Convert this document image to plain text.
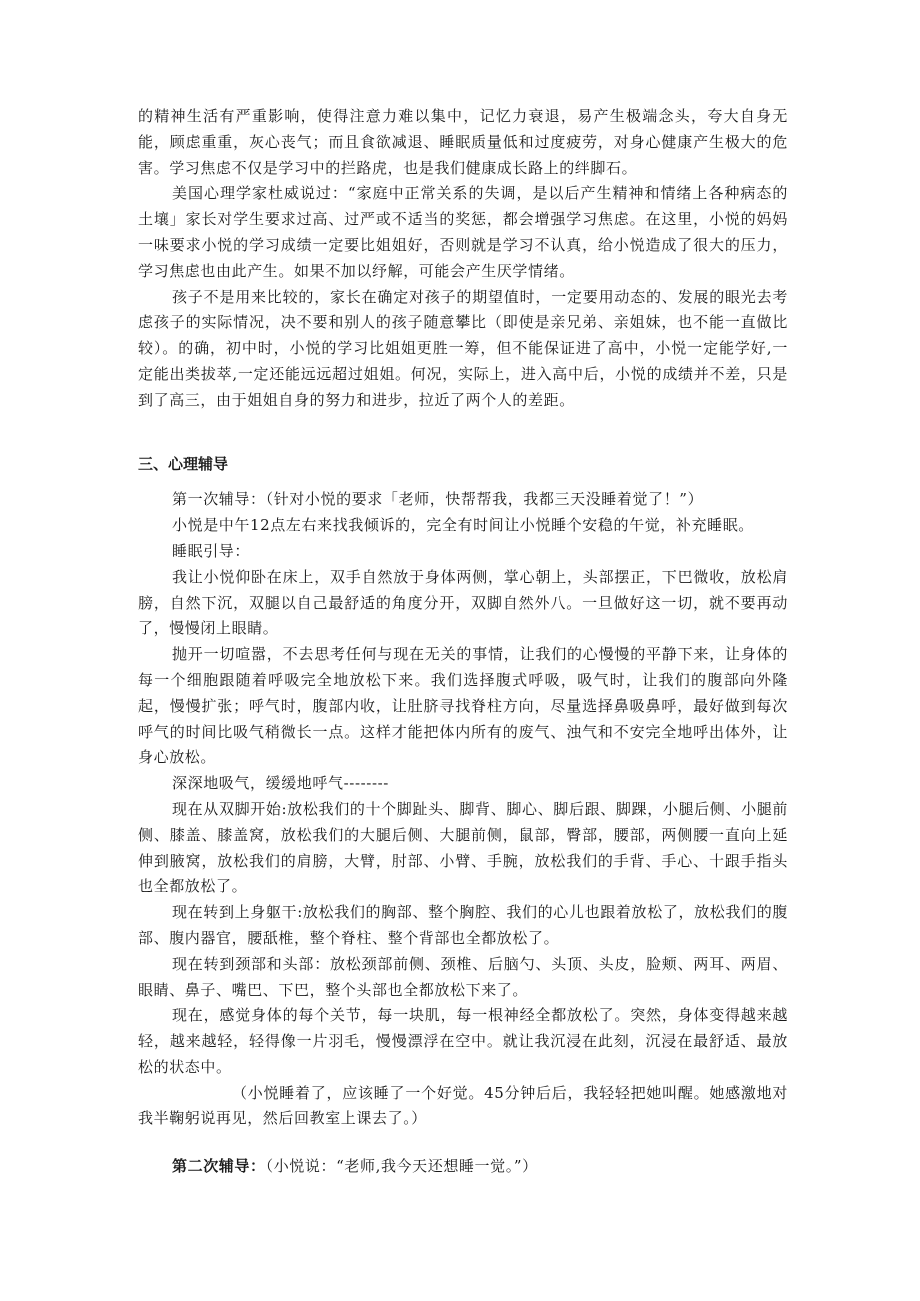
的精神生活有严重影响，使得注意力难以集中，记忆力衰退，易产生极端念头，夸大自身无能，顾虑重重，灰心丧气；而且食欲减退、睡眠质量低和过度疲劳，对身心健康产生极大的危害。学习焦虑不仅是学习中的拦路虎，也是我们健康成长路上的绊脚石。

美国心理学家杜威说过：“家庭中正常关系的失调，是以后产生精神和情绪上各种病态的土壤」家长对学生要求过高、过严或不适当的奖惩，都会增强学习焦虑。在这里，小悦的妈妈一味要求小悦的学习成绩一定要比姐姐好，否则就是学习不认真，给小悦造成了很大的压力，学习焦虑也由此产生。如果不加以纾解，可能会产生厌学情绪。

孩子不是用来比较的，家长在确定对孩子的期望值时，一定要用动态的、发展的眼光去考虑孩子的实际情况，决不要和别人的孩子随意攀比（即使是亲兄弟、亲姐妹，也不能一直做比较）。的确，初中时，小悦的学习比姐姐更胜一筹，但不能保证进了高中，小悦一定能学好,一定能出类拔萃,一定还能远远超过姐姐。何况，实际上，进入高中后，小悦的成绩并不差，只是到了高三，由于姐姐自身的努力和进步，拉近了两个人的差距。

三、心理辅导

第一次辅导：（针对小悦的要求「老师，快帮帮我，我都三天没睡着觉了！”）

小悦是中午12点左右来找我倾诉的，完全有时间让小悦睡个安稳的午觉，补充睡眠。

睡眠引导：

我让小悦仰卧在床上，双手自然放于身体两侧，掌心朝上，头部摆正，下巴微收，放松肩膀，自然下沉，双腿以自己最舒适的角度分开，双脚自然外八。一旦做好这一切，就不要再动了，慢慢闭上眼睛。

抛开一切喧嚣，不去思考任何与现在无关的事情，让我们的心慢慢的平静下来，让身体的每一个细胞跟随着呼吸完全地放松下来。我们选择腹式呼吸，吸气时，让我们的腹部向外隆起，慢慢扩张；呼气时，腹部内收，让肚脐寻找脊柱方向，尽量选择鼻吸鼻呼，最好做到每次呼气的时间比吸气稍微长一点。这样才能把体内所有的废气、浊气和不安完全地呼出体外，让身心放松。

深深地吸气，缓缓地呼气--------

现在从双脚开始:放松我们的十个脚趾头、脚背、脚心、脚后跟、脚踝，小腿后侧、小腿前侧、膝盖、膝盖窝，放松我们的大腿后侧、大腿前侧，鼠部，臀部，腰部，两侧腰一直向上延伸到腋窝，放松我们的肩膀，大臂，肘部、小臂、手腕，放松我们的手背、手心、十跟手指头也全都放松了。

现在转到上身躯干:放松我们的胸部、整个胸腔、我们的心儿也跟着放松了，放松我们的腹部、腹内器官，腰舐椎，整个脊柱、整个背部也全都放松了。

现在转到颈部和头部：放松颈部前侧、颈椎、后脑勺、头顶、头皮，脸颊、两耳、两眉、眼睛、鼻子、嘴巴、下巴，整个头部也全都放松下来了。

现在，感觉身体的每个关节，每一块肌，每一根神经全都放松了。突然，身体变得越来越轻，越来越轻，轻得像一片羽毛，慢慢漂浮在空中。就让我沉浸在此刻，沉浸在最舒适、最放松的状态中。

（小悦睡着了，应该睡了一个好觉。45分钟后后，我轻轻把她叫醒。她感激地对我半鞠躬说再见，然后回教室上课去了。）

第二次辅导：（小悦说：“老师,我今天还想睡一觉。”）
